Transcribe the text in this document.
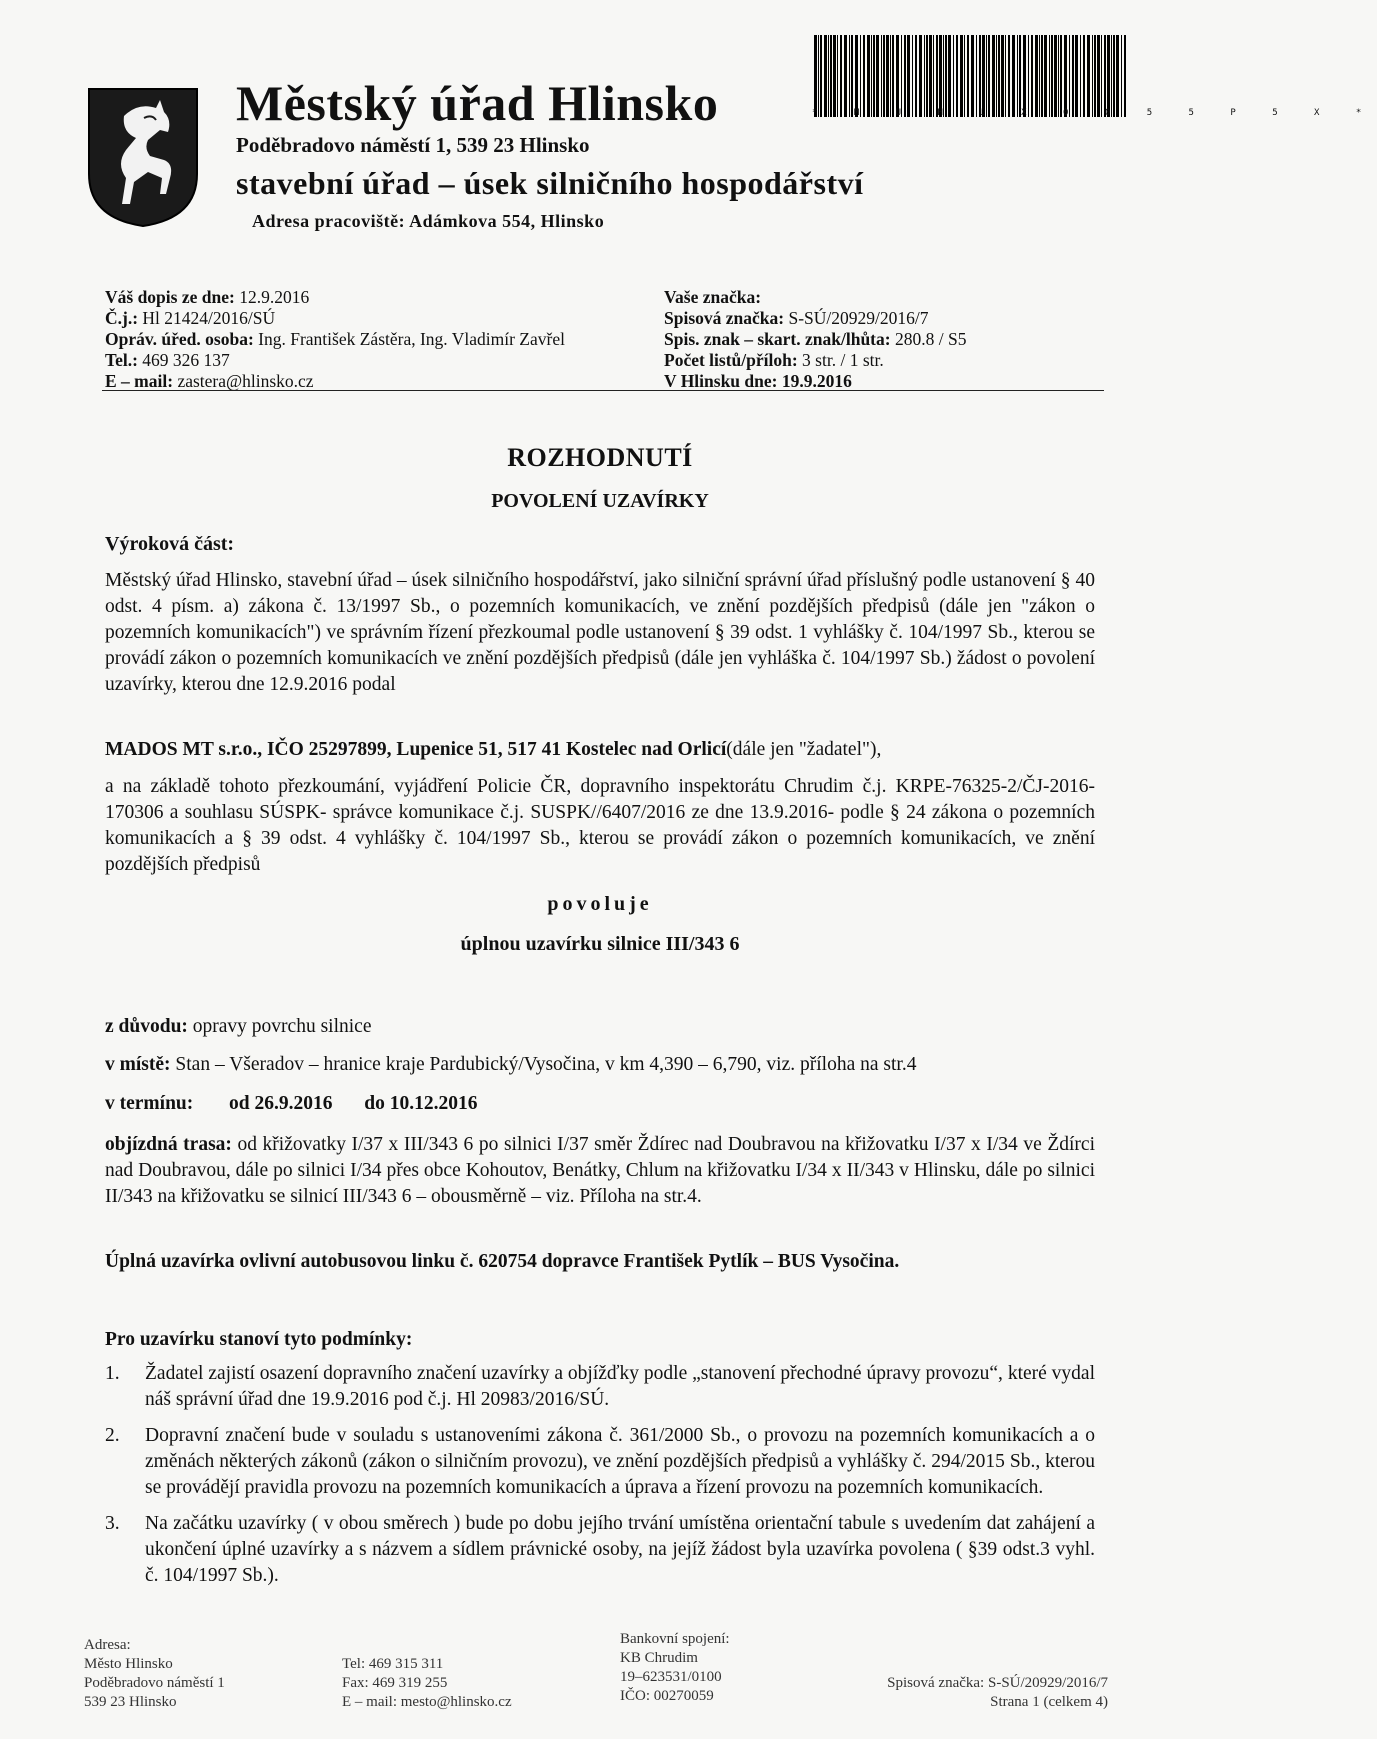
Městský úřad Hlinsko
Poděbradovo náměstí 1, 539 23 Hlinsko
stavební úřad – úsek silničního hospodářství
Adresa pracoviště: Adámkova 554, Hlinsko
* M U H L X 0 0 5 5 P 5 X *
Váš dopis ze dne: 12.9.2016
Č.j.: Hl 21424/2016/SÚ
Opráv. úřed. osoba: Ing. František Zástěra, Ing. Vladimír Zavřel
Tel.: 469 326 137
E – mail: zastera@hlinsko.cz
Vaše značka:
Spisová značka: S-SÚ/20929/2016/7
Spis. znak – skart. znak/lhůta: 280.8 / S5
Počet listů/příloh: 3 str. / 1 str.
V Hlinsku dne: 19.9.2016
ROZHODNUTÍ
POVOLENÍ UZAVÍRKY
Výroková část:
Městský úřad Hlinsko, stavební úřad – úsek silničního hospodářství, jako silniční správní úřad příslušný podle ustanovení § 40 odst. 4 písm. a) zákona č. 13/1997 Sb., o pozemních komunikacích, ve znění pozdějších předpisů (dále jen "zákon o pozemních komunikacích") ve správním řízení přezkoumal podle ustanovení § 39 odst. 1 vyhlášky č. 104/1997 Sb., kterou se provádí zákon o pozemních komunikacích ve znění pozdějších předpisů (dále jen vyhláška č. 104/1997 Sb.) žádost o povolení uzavírky, kterou dne 12.9.2016 podal
MADOS MT s.r.o., IČO 25297899, Lupenice 51, 517 41 Kostelec nad Orlicí(dále jen "žadatel"),
a na základě tohoto přezkoumání, vyjádření Policie ČR, dopravního inspektorátu Chrudim č.j. KRPE-76325-2/ČJ-2016-170306 a souhlasu SÚSPK- správce komunikace č.j. SUSPK//6407/2016 ze dne 13.9.2016- podle § 24 zákona o pozemních komunikacích a § 39 odst. 4 vyhlášky č. 104/1997 Sb., kterou se provádí zákon o pozemních komunikacích, ve znění pozdějších předpisů
povoluje
úplnou uzavírku silnice III/343 6
z důvodu: opravy povrchu silnice
v místě: Stan – Všeradov – hranice kraje Pardubický/Vysočina, v km 4,390 – 6,790, viz. příloha na str.4
v termínu: od 26.9.2016 do 10.12.2016
objízdná trasa: od křižovatky I/37 x III/343 6 po silnici I/37 směr Ždírec nad Doubravou na křižovatku I/37 x I/34 ve Ždírci nad Doubravou, dále po silnici I/34 přes obce Kohoutov, Benátky, Chlum na křižovatku I/34 x II/343 v Hlinsku, dále po silnici II/343 na křižovatku se silnicí III/343 6 – obousměrně – viz. Příloha na str.4.
Úplná uzavírka ovlivní autobusovou linku č. 620754 dopravce František Pytlík – BUS Vysočina.
Pro uzavírku stanoví tyto podmínky:
1.	Žadatel zajistí osazení dopravního značení uzavírky a objížďky podle „stanovení přechodné úpravy provozu“, které vydal náš správní úřad dne 19.9.2016 pod č.j. Hl 20983/2016/SÚ.
2.	Dopravní značení bude v souladu s ustanoveními zákona č. 361/2000 Sb., o provozu na pozemních komunikacích a o změnách některých zákonů (zákon o silničním provozu), ve znění pozdějších předpisů a vyhlášky č. 294/2015 Sb., kterou se provádějí pravidla provozu na pozemních komunikacích a úprava a řízení provozu na pozemních komunikacích.
3.	Na začátku uzavírky ( v obou směrech ) bude po dobu jejího trvání umístěna orientační tabule s uvedením dat zahájení a ukončení úplné uzavírky a s názvem a sídlem právnické osoby, na jejíž žádost byla uzavírka povolena ( §39 odst.3 vyhl. č. 104/1997 Sb.).
Adresa:
Město Hlinsko
Poděbradovo náměstí 1
539 23 Hlinsko

Tel: 469 315 311
Fax: 469 319 255
E – mail: mesto@hlinsko.cz
Bankovní spojení:
KB Chrudim
19–623531/0100
IČO: 00270059

Spisová značka: S-SÚ/20929/2016/7
Strana 1 (celkem 4)
